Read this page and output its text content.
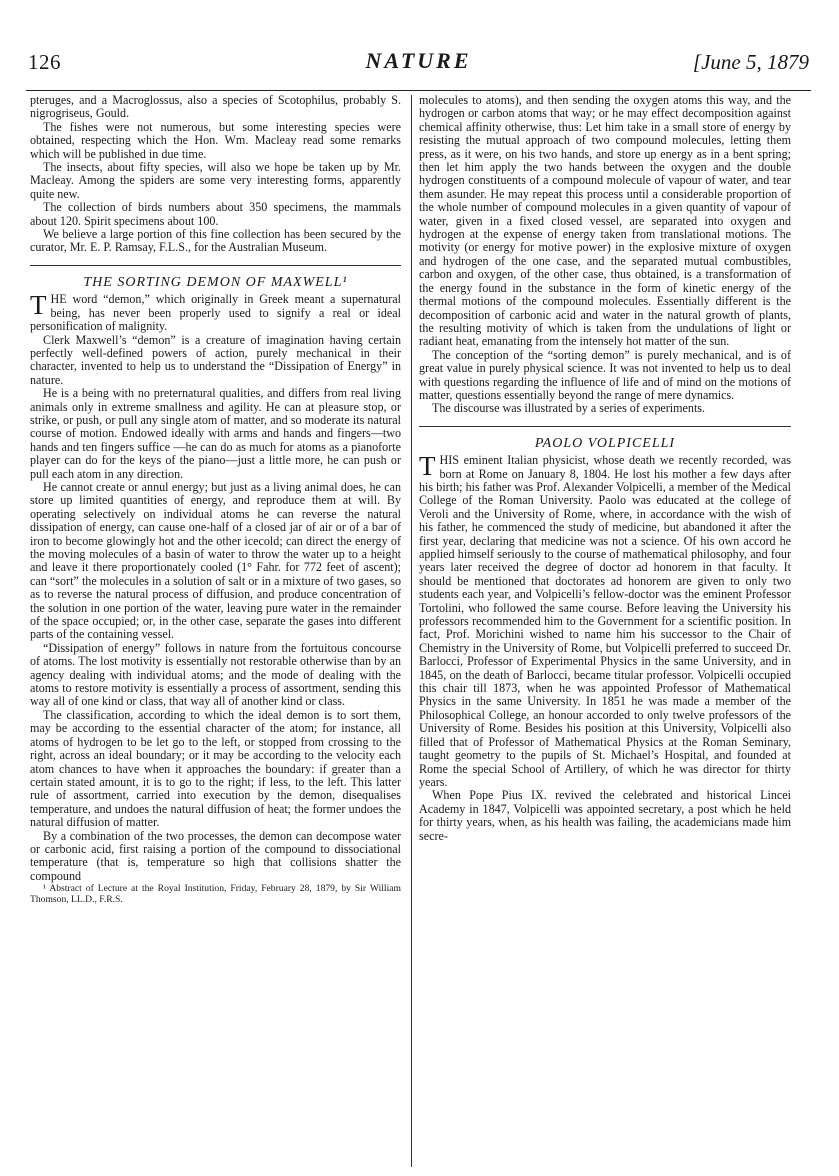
126	NATURE	[June 5, 1879

pteruges, and a Macroglossus, also a species of Scotophilus, probably S. nigrogriseus, Gould.

The fishes were not numerous, but some interesting species were obtained, respecting which the Hon. Wm. Macleay read some remarks which will be published in due time.

The insects, about fifty species, will also we hope be taken up by Mr. Macleay. Among the spiders are some very interesting forms, apparently quite new.

The collection of birds numbers about 350 specimens, the mammals about 120. Spirit specimens about 100.

We believe a large portion of this fine collection has been secured by the curator, Mr. E. P. Ramsay, F.L.S., for the Australian Museum.

THE SORTING DEMON OF MAXWELL¹

THE word “demon,” which originally in Greek meant a supernatural being, has never been properly used to signify a real or ideal personification of malignity.

Clerk Maxwell’s “demon” is a creature of imagination having certain perfectly well-defined powers of action, purely mechanical in their character, invented to help us to understand the “Dissipation of Energy” in nature.

He is a being with no preternatural qualities, and differs from real living animals only in extreme smallness and agility. He can at pleasure stop, or strike, or push, or pull any single atom of matter, and so moderate its natural course of motion. Endowed ideally with arms and hands and fingers—two hands and ten fingers suffice —he can do as much for atoms as a pianoforte player can do for the keys of the piano—just a little more, he can push or pull each atom in any direction.

He cannot create or annul energy; but just as a living animal does, he can store up limited quantities of energy, and reproduce them at will. By operating selectively on individual atoms he can reverse the natural dissipation of energy, can cause one-half of a closed jar of air or of a bar of iron to become glowingly hot and the other icecold; can direct the energy of the moving molecules of a basin of water to throw the water up to a height and leave it there proportionately cooled (1° Fahr. for 772 feet of ascent); can “sort” the molecules in a solution of salt or in a mixture of two gases, so as to reverse the natural process of diffusion, and produce concentration of the solution in one portion of the water, leaving pure water in the remainder of the space occupied; or, in the other case, separate the gases into different parts of the containing vessel.

“Dissipation of energy” follows in nature from the fortuitous concourse of atoms. The lost motivity is essentially not restorable otherwise than by an agency dealing with individual atoms; and the mode of dealing with the atoms to restore motivity is essentially a process of assortment, sending this way all of one kind or class, that way all of another kind or class.

The classification, according to which the ideal demon is to sort them, may be according to the essential character of the atom; for instance, all atoms of hydrogen to be let go to the left, or stopped from crossing to the right, across an ideal boundary; or it may be according to the velocity each atom chances to have when it approaches the boundary: if greater than a certain stated amount, it is to go to the right; if less, to the left. This latter rule of assortment, carried into execution by the demon, disequalises temperature, and undoes the natural diffusion of heat; the former undoes the natural diffusion of matter.

By a combination of the two processes, the demon can decompose water or carbonic acid, first raising a portion of the compound to dissociational temperature (that is, temperature so high that collisions shatter the compound

¹ Abstract of Lecture at the Royal Institution, Friday, February 28, 1879, by Sir William Thomson, LL.D., F.R.S.

molecules to atoms), and then sending the oxygen atoms this way, and the hydrogen or carbon atoms that way; or he may effect decomposition against chemical affinity otherwise, thus: Let him take in a small store of energy by resisting the mutual approach of two compound molecules, letting them press, as it were, on his two hands, and store up energy as in a bent spring; then let him apply the two hands between the oxygen and the double hydrogen constituents of a compound molecule of vapour of water, and tear them asunder. He may repeat this process until a considerable proportion of the whole number of compound molecules in a given quantity of vapour of water, given in a fixed closed vessel, are separated into oxygen and hydrogen at the expense of energy taken from translational motions. The motivity (or energy for motive power) in the explosive mixture of oxygen and hydrogen of the one case, and the separated mutual combustibles, carbon and oxygen, of the other case, thus obtained, is a transformation of the energy found in the substance in the form of kinetic energy of the thermal motions of the compound molecules. Essentially different is the decomposition of carbonic acid and water in the natural growth of plants, the resulting motivity of which is taken from the undulations of light or radiant heat, emanating from the intensely hot matter of the sun.

The conception of the “sorting demon” is purely mechanical, and is of great value in purely physical science. It was not invented to help us to deal with questions regarding the influence of life and of mind on the motions of matter, questions essentially beyond the range of mere dynamics.

The discourse was illustrated by a series of experiments.

PAOLO VOLPICELLI

THIS eminent Italian physicist, whose death we recently recorded, was born at Rome on January 8, 1804. He lost his mother a few days after his birth; his father was Prof. Alexander Volpicelli, a member of the Medical College of the Roman University. Paolo was educated at the college of Veroli and the University of Rome, where, in accordance with the wish of his father, he commenced the study of medicine, but abandoned it after the first year, declaring that medicine was not a science. Of his own accord he applied himself seriously to the course of mathematical philosophy, and four years later received the degree of doctor ad honorem in that faculty. It should be mentioned that doctorates ad honorem are given to only two students each year, and Volpicelli’s fellow-doctor was the eminent Professor Tortolini, who followed the same course. Before leaving the University his professors recommended him to the Government for a scientific position. In fact, Prof. Morichini wished to name him his successor to the Chair of Chemistry in the University of Rome, but Volpicelli preferred to succeed Dr. Barlocci, Professor of Experimental Physics in the same University, and in 1845, on the death of Barlocci, became titular professor. Volpicelli occupied this chair till 1873, when he was appointed Professor of Mathematical Physics in the same University. In 1851 he was made a member of the Philosophical College, an honour accorded to only twelve professors of the University of Rome. Besides his position at this University, Volpicelli also filled that of Professor of Mathematical Physics at the Roman Seminary, taught geometry to the pupils of St. Michael’s Hospital, and founded at Rome the special School of Artillery, of which he was director for thirty years.

When Pope Pius IX. revived the celebrated and historical Lincei Academy in 1847, Volpicelli was appointed secretary, a post which he held for thirty years, when, as his health was failing, the academicians made him secre-
